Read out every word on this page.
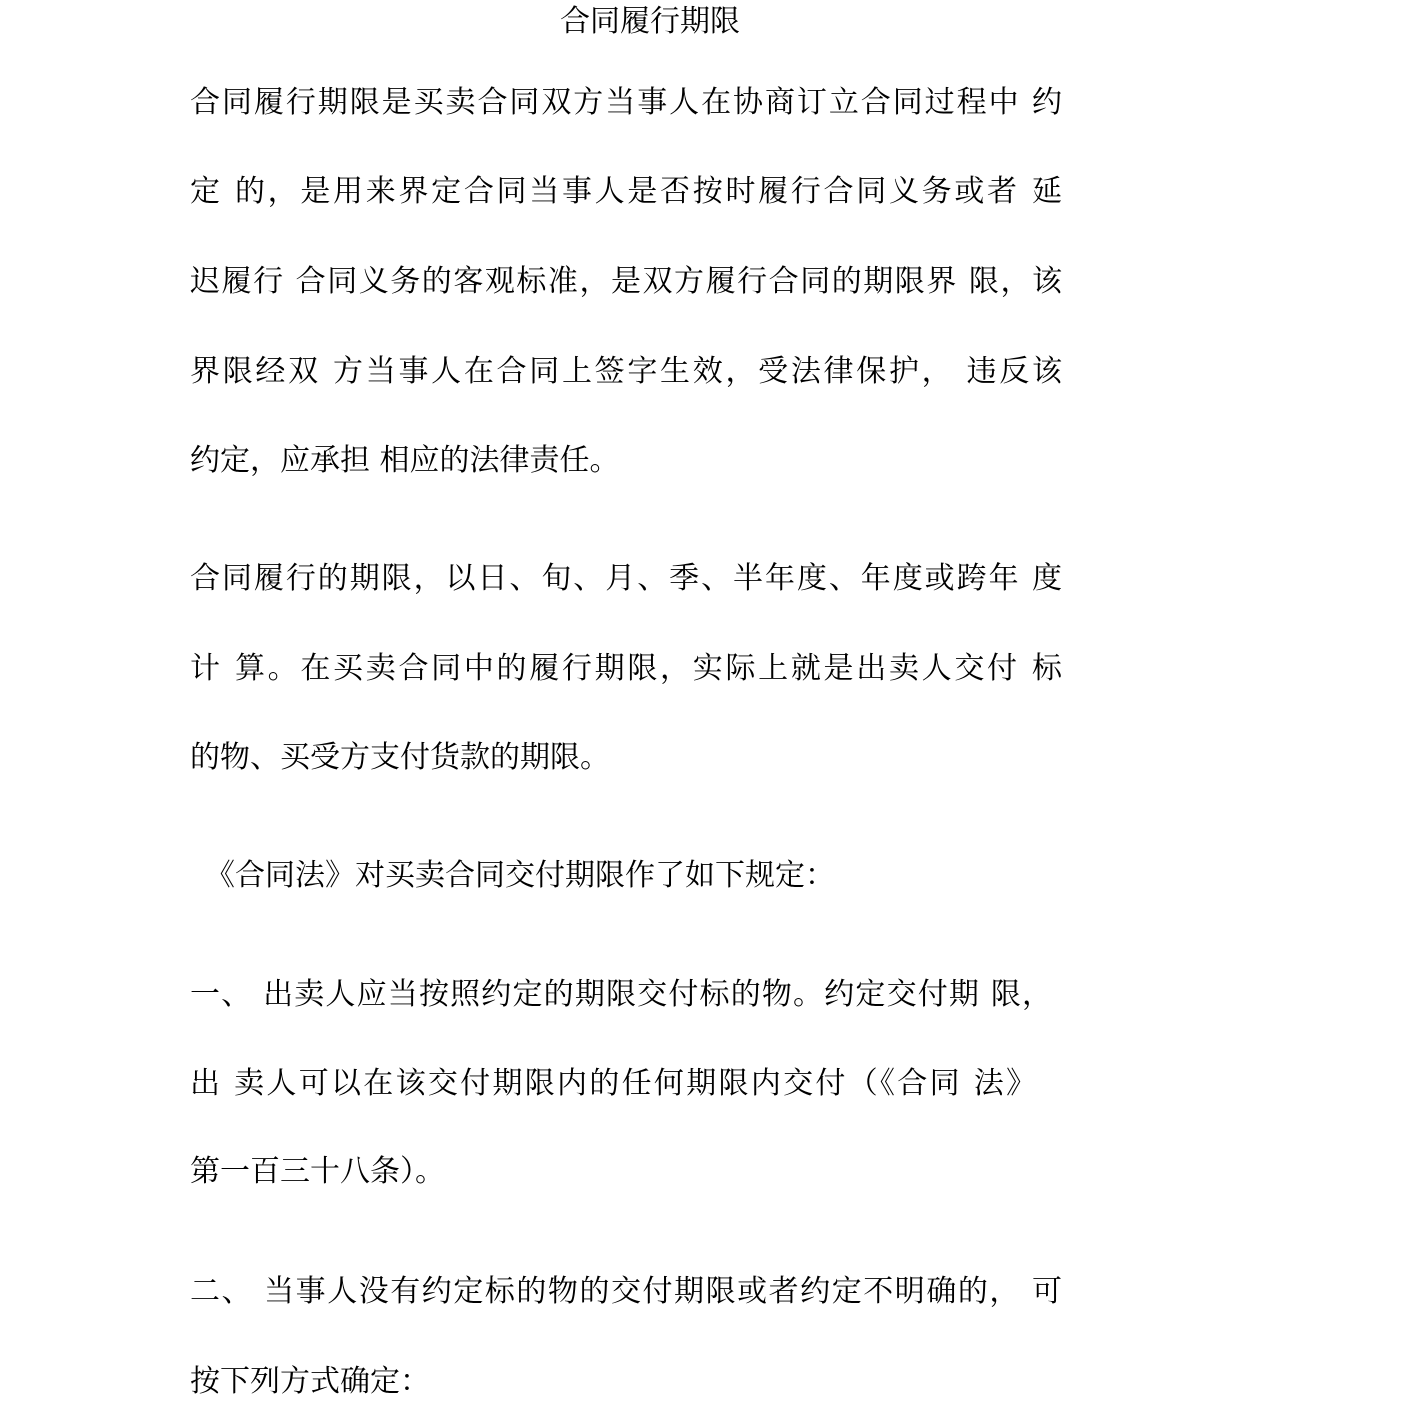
合同履行期限

合同履行期限是买卖合同双方当事人在协商订立合同过程中 约

定 的，是用来界定合同当事人是否按时履行合同义务或者 延

迟履行 合同义务的客观标准，是双方履行合同的期限界 限，该

界限经双 方当事人在合同上签字生效，受法律保护， 违反该

约定，应承担 相应的法律责任。

合同履行的期限，以日、旬、月、季、半年度、年度或跨年 度

计 算。在买卖合同中的履行期限，实际上就是出卖人交付 标

的物、买受方支付货款的期限。

《合同法》对买卖合同交付期限作了如下规定：

一、 出卖人应当按照约定的期限交付标的物。约定交付期 限，

出 卖人可以在该交付期限内的任何期限内交付（《合同 法》

第一百三十八条）。

二、 当事人没有约定标的物的交付期限或者约定不明确的， 可

按下列方式确定：
